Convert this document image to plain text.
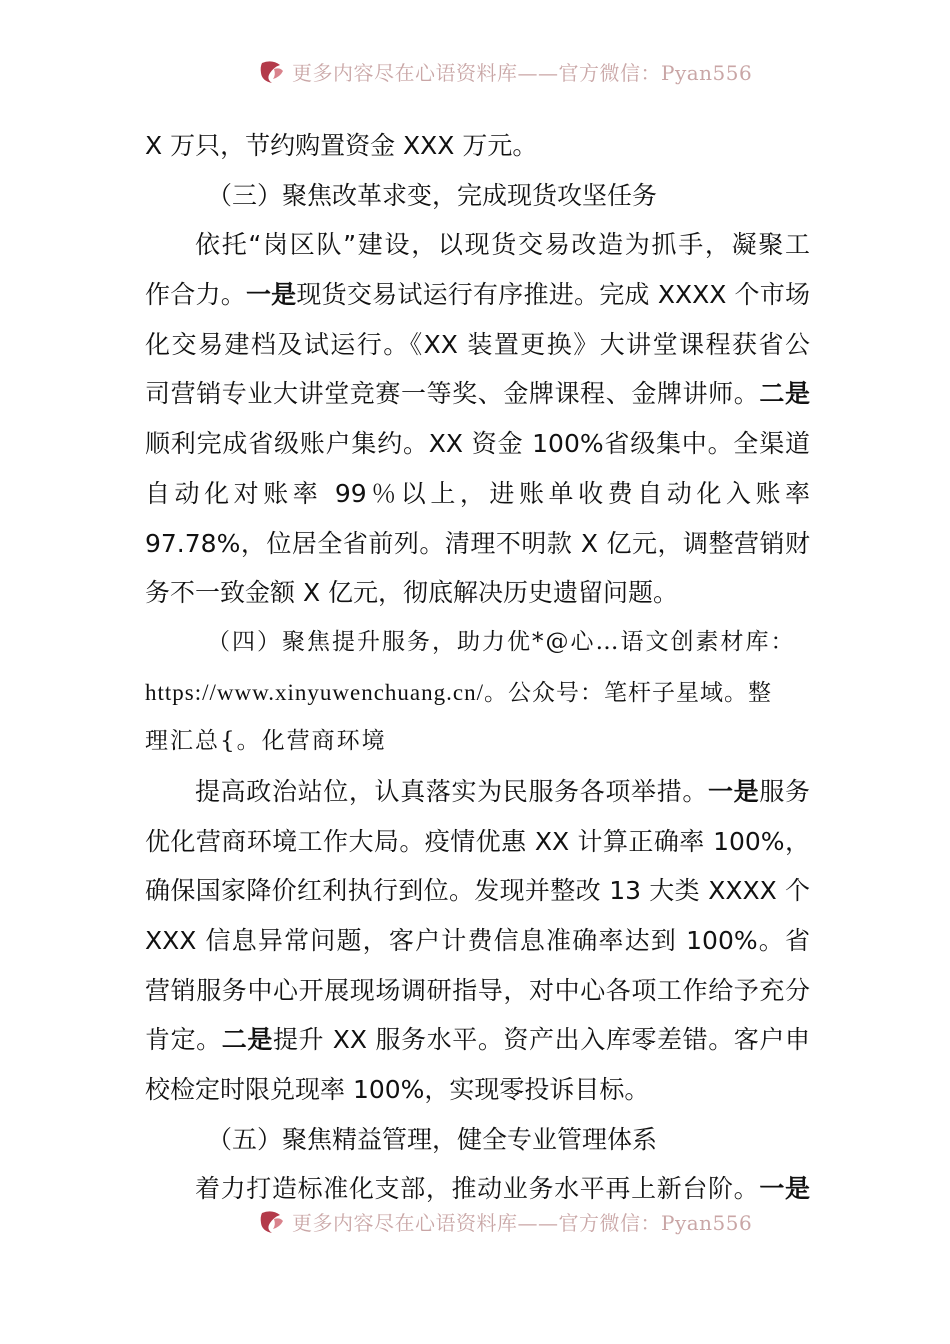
更多内容尽在心语资料库——官方微信：Pyan556
X 万只，节约购置资金 XXX 万元。
（三）聚焦改革求变，完成现货攻坚任务
依托“岗区队”建设，以现货交易改造为抓手，凝聚工
作合力。一是现货交易试运行有序推进。完成 XXXX 个市场
化交易建档及试运行。《XX 装置更换》大讲堂课程获省公
司营销专业大讲堂竞赛一等奖、金牌课程、金牌讲师。二是
顺利完成省级账户集约。XX 资金 100%省级集中。全渠道
自动化对账率 99％以上，进账单收费自动化入账率
97.78%，位居全省前列。清理不明款 X 亿元，调整营销财
务不一致金额 X 亿元，彻底解决历史遗留问题。
（四）聚焦提升服务，助力优*@心…语文创素材库：
https://www.xinyuwenchuang.cn/。公众号：笔杆子星域。整
理汇总{。化营商环境
提高政治站位，认真落实为民服务各项举措。一是服务
优化营商环境工作大局。疫情优惠 XX 计算正确率 100%，
确保国家降价红利执行到位。发现并整改 13 大类 XXXX 个
XXX 信息异常问题，客户计费信息准确率达到 100%。省
营销服务中心开展现场调研指导，对中心各项工作给予充分
肯定。二是提升 XX 服务水平。资产出入库零差错。客户申
校检定时限兑现率 100%，实现零投诉目标。
（五）聚焦精益管理，健全专业管理体系
着力打造标准化支部，推动业务水平再上新台阶。一是
更多内容尽在心语资料库——官方微信：Pyan556
